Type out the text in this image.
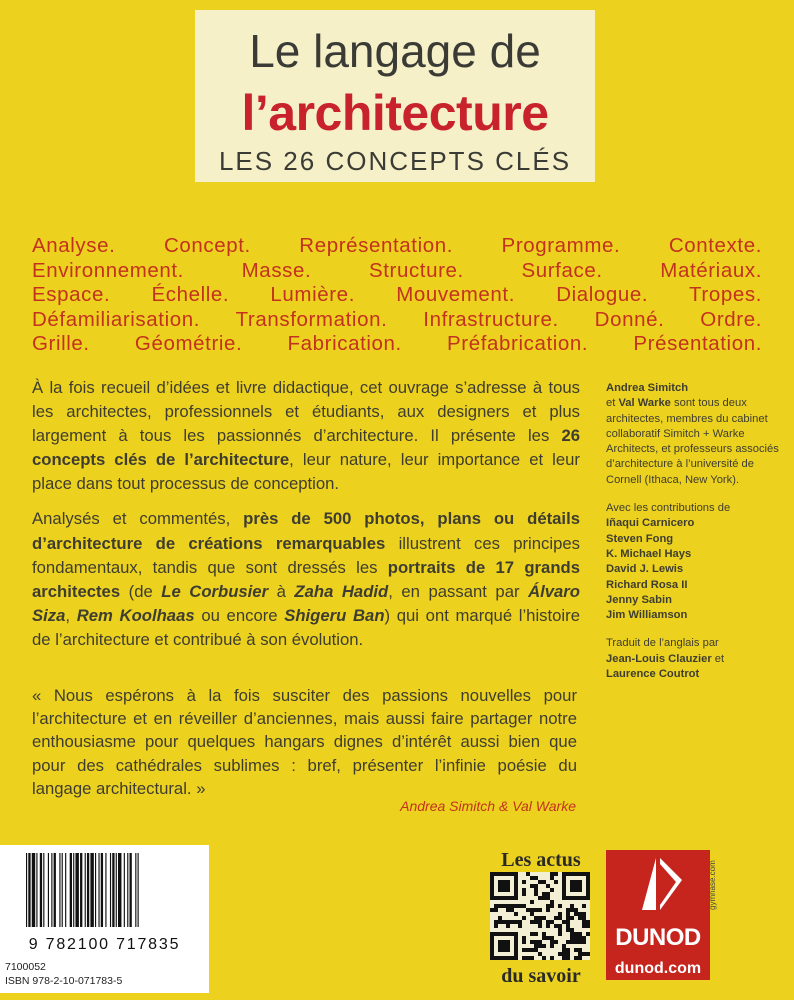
Le langage de
l’architecture
LES 26 CONCEPTS CLÉS
Analyse. Concept. Représentation. Programme. Contexte.
Environnement. Masse. Structure. Surface. Matériaux.
Espace. Échelle. Lumière. Mouvement. Dialogue. Tropes.
Défamiliarisation. Transformation. Infrastructure. Donné. Ordre.
Grille. Géométrie. Fabrication. Préfabrication. Présentation.

À la fois recueil d’idées et livre didactique, cet ouvrage s’adresse à tous les architectes, professionnels et étudiants, aux designers et plus largement à tous les passionnés d’architecture. Il présente les 26 concepts clés de l’architecture, leur nature, leur importance et leur place dans tout processus de conception.

Analysés et commentés, près de 500 photos, plans ou détails d’architecture de créations remarquables illustrent ces principes fondamentaux, tandis que sont dressés les portraits de 17 grands architectes (de Le Corbusier à Zaha Hadid, en passant par Álvaro Siza, Rem Koolhaas ou encore Shigeru Ban) qui ont marqué l’histoire de l’architecture et contribué à son évolution.

Andrea Simitch
et Val Warke sont tous deux architectes, membres du cabinet collaboratif Simitch + Warke Architects, et professeurs associés d’architecture à l’université de Cornell (Ithaca, New York).

Avec les contributions de
Iñaqui Carnicero
Steven Fong
K. Michael Hays
David J. Lewis
Richard Rosa II
Jenny Sabin
Jim Williamson

Traduit de l’anglais par
Jean-Louis Clauzier et
Laurence Coutrot

« Nous espérons à la fois susciter des passions nouvelles pour l’architecture et en réveiller d’anciennes, mais aussi faire partager notre enthousiasme pour quelques hangars dignes d’intérêt aussi bien que pour des cathédrales sublimes : bref, présenter l’infinie poésie du langage architectural. »
Andrea Simitch & Val Warke
9 782100 717835
7100052
ISBN 978-2-10-071783-5
Les actus
du savoir
DUNOD
dunod.com
gymnase.com
